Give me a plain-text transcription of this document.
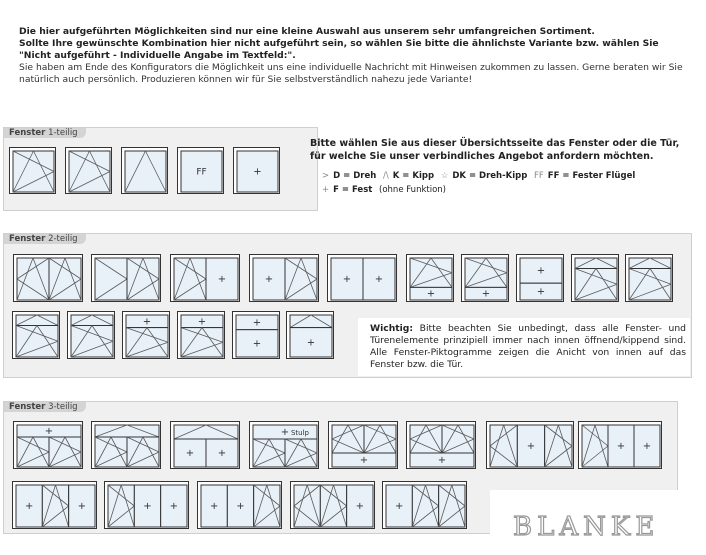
Die hier aufgeführten Möglichkeiten sind nur eine kleine Auswahl aus unserem sehr umfangreichen Sortiment.
Sollte Ihre gewünschte Kombination hier nicht aufgeführt sein, so wählen Sie bitte die ähnlichste Variante bzw. wählen Sie "Nicht aufgeführt - Individuelle Angabe im Textfeld:".
Sie haben am Ende des Konfigurators die Möglichkeit uns eine individuelle Nachricht mit Hinweisen zukommen zu lassen. Gerne beraten wir Sie natürlich auch persönlich. Produzieren können wir für Sie selbstverständlich nahezu jede Variante!
Fenster 1-teilig
Fenster 2-teilig
Fenster 3-teilig
Bitte wählen Sie aus dieser Übersichtsseite das Fenster oder die Tür, für welche Sie unser verbindliches Angebot anfordern möchten.
> D = Dreh /\ K = Kipp ☆ DK = Dreh-Kipp FF FF = Fester Flügel
+ F = Fest (ohne Funktion)
Wichtig: Bitte beachten Sie unbedingt, dass alle Fenster- und Türenelemente prinzipiell immer nach innen öffnend/kippend sind. Alle Fenster-Piktogramme zeigen die Anicht von innen auf das Fenster bzw. die Tür.
BLANKE
FF	+
+	+	+ +
+	+
+
+
+	+	+
+	+
+
+ +
+ Stulp
+	+
+	+ +
+	+	+ +	+ +	+	+
